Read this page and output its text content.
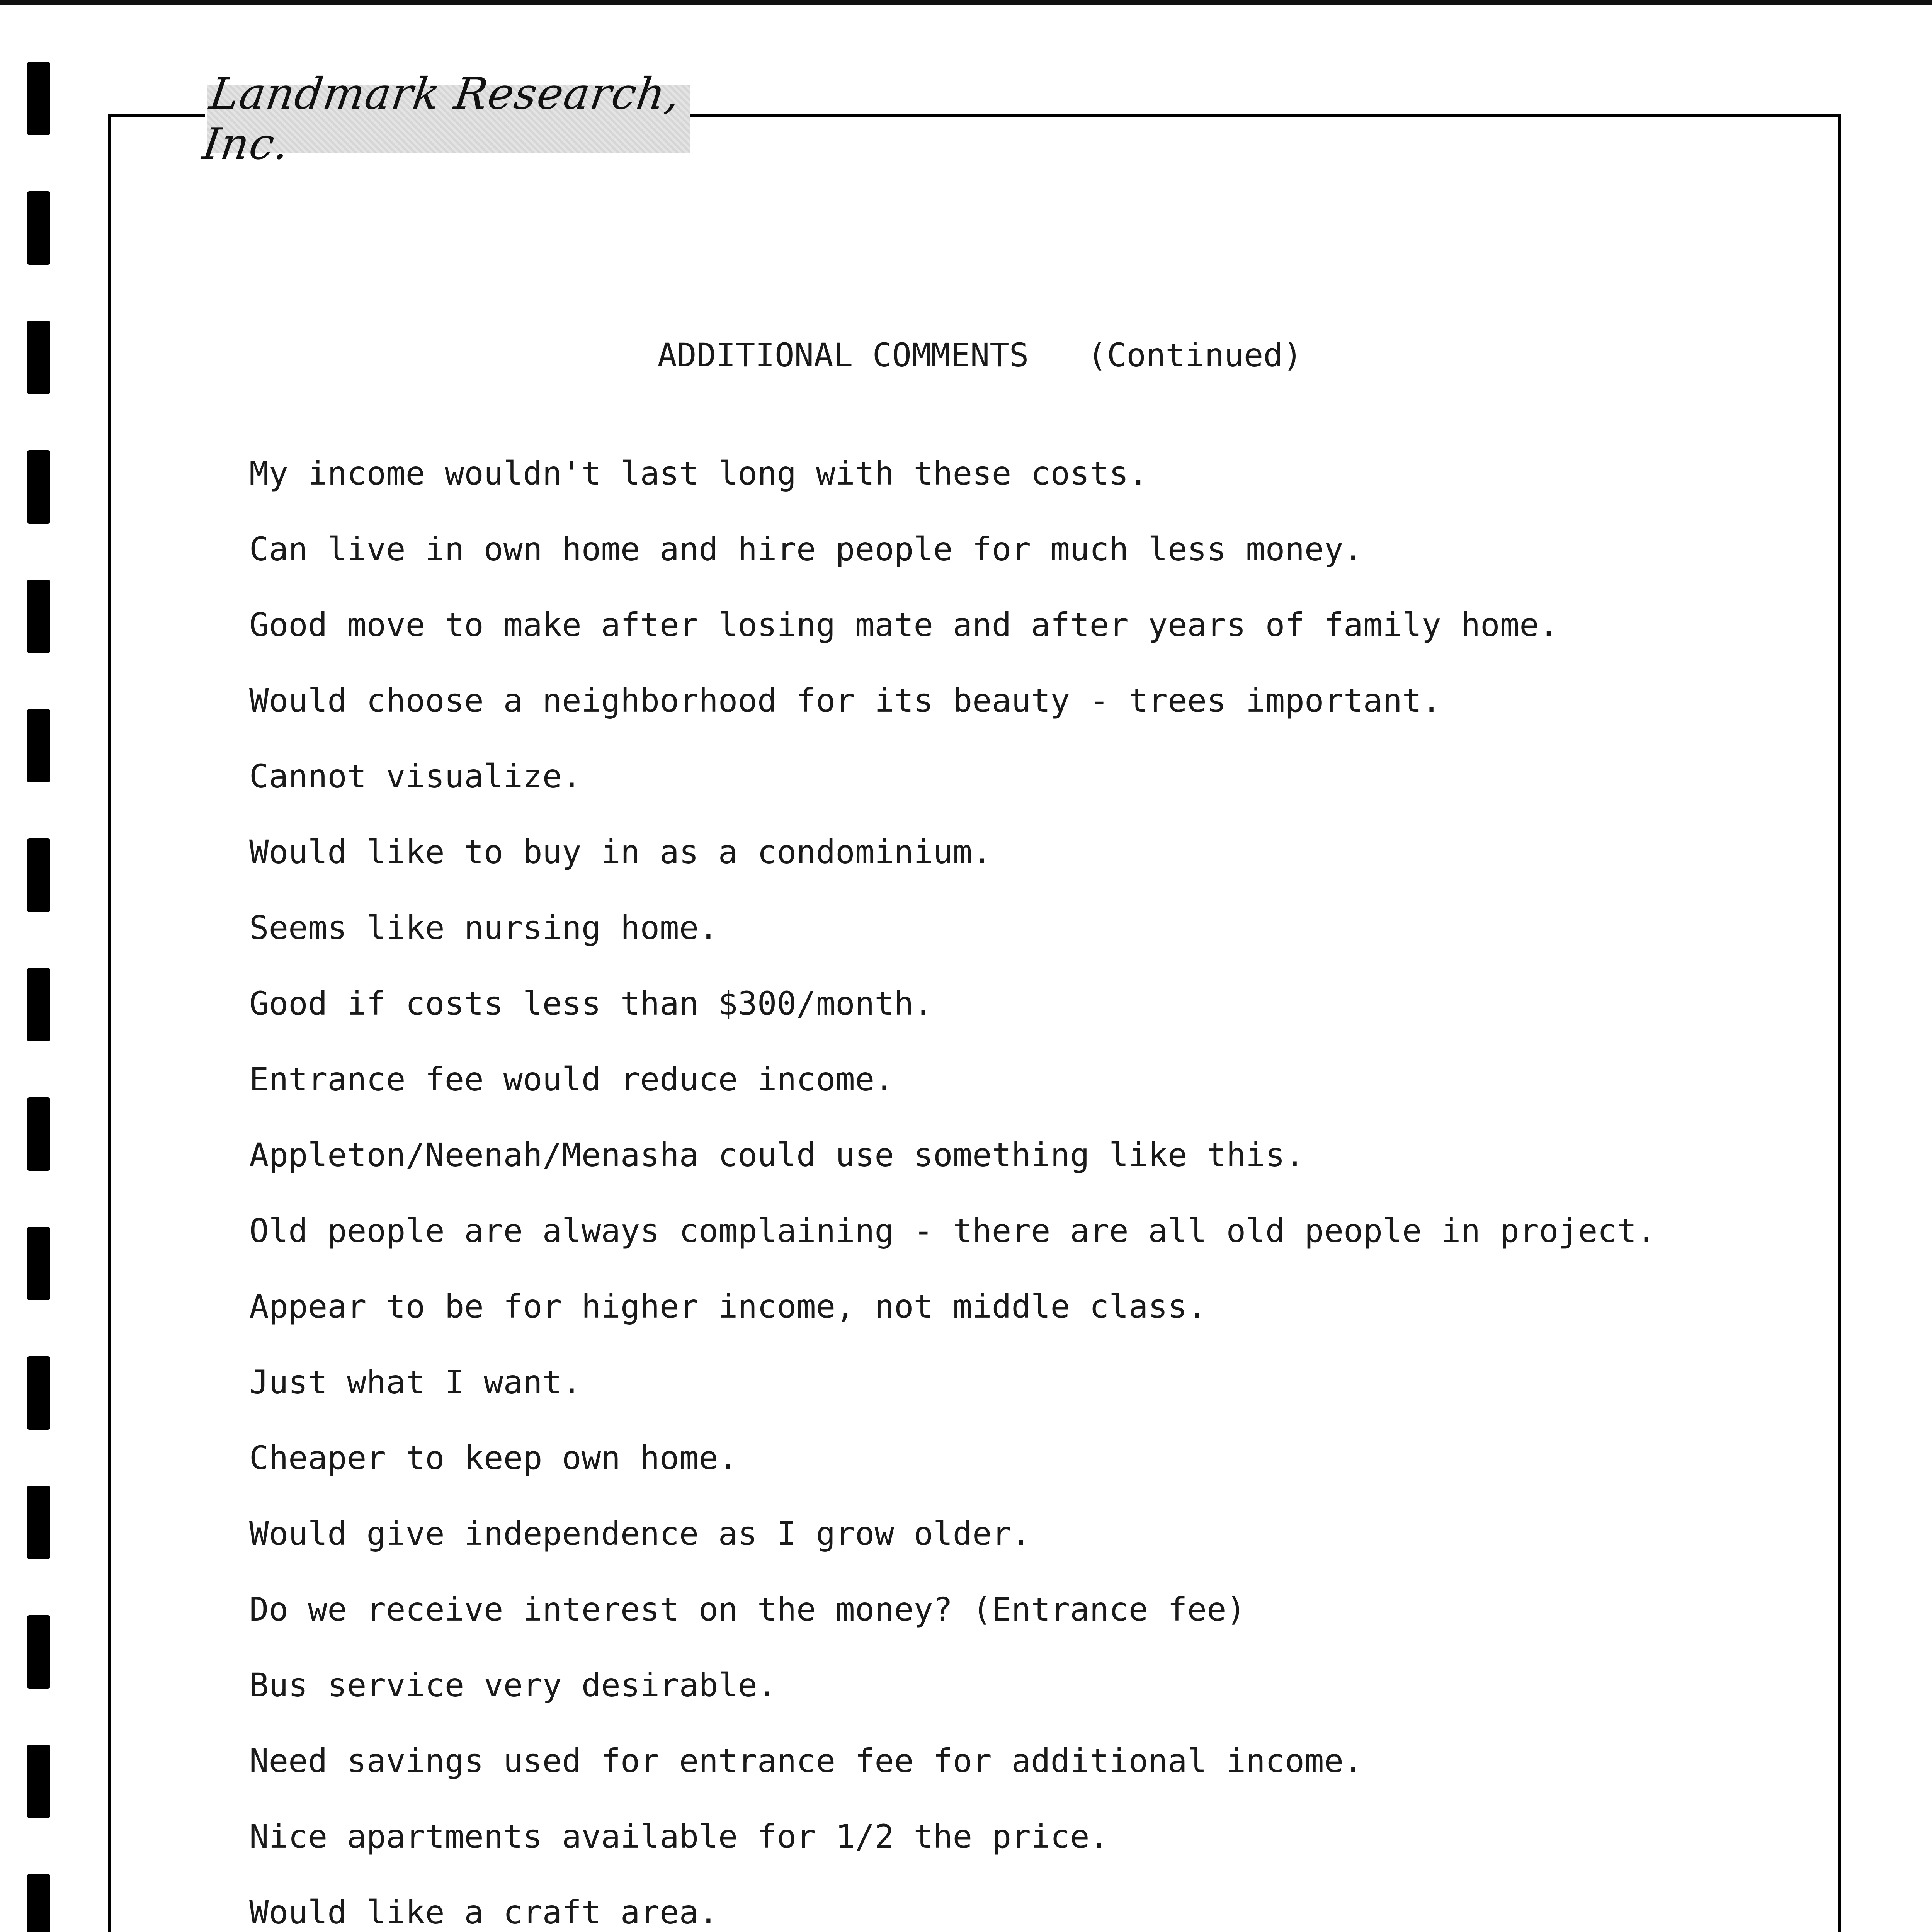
Landmark Research, Inc.
ADDITIONAL COMMENTS   (Continued)
My income wouldn't last long with these costs.
Can live in own home and hire people for much less money.
Good move to make after losing mate and after years of family home.
Would choose a neighborhood for its beauty - trees important.
Cannot visualize.
Would like to buy in as a condominium.
Seems like nursing home.
Good if costs less than $300/month.
Entrance fee would reduce income.
Appleton/Neenah/Menasha could use something like this.
Old people are always complaining - there are all old people in project.
Appear to be for higher income, not middle class.
Just what I want.
Cheaper to keep own home.
Would give independence as I grow older.
Do we receive interest on the money? (Entrance fee)
Bus service very desirable.
Need savings used for entrance fee for additional income.
Nice apartments available for 1/2 the price.
Would like a craft area.
